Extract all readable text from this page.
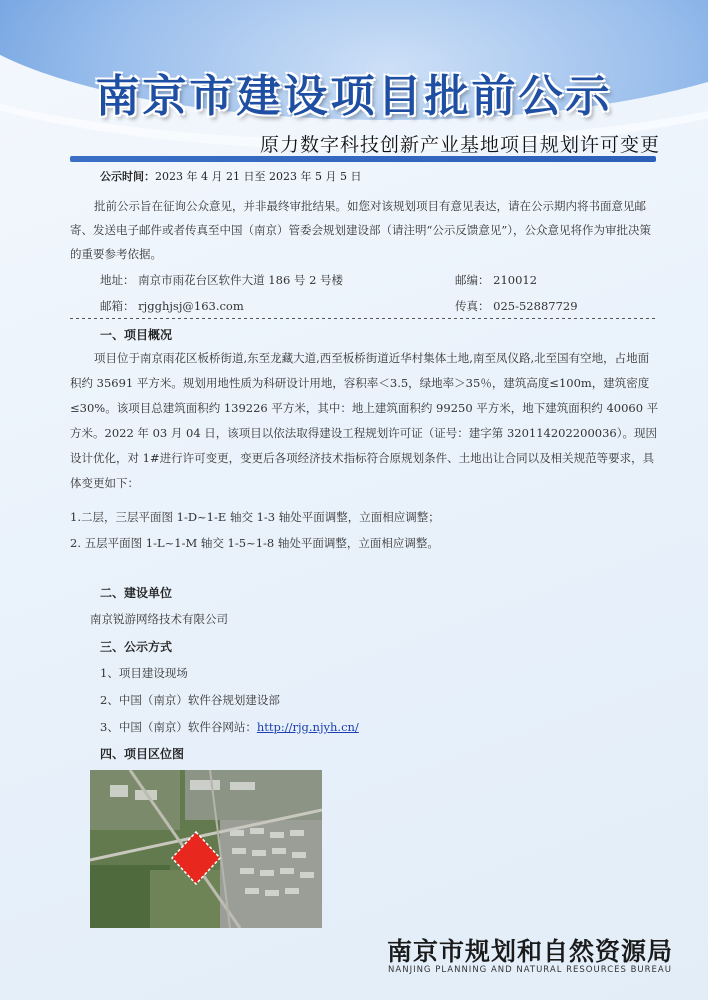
南京市建设项目批前公示
原力数字科技创新产业基地项目规划许可变更
公示时间：2023 年 4 月 21 日至 2023 年 5 月 5 日
批前公示旨在征询公众意见，并非最终审批结果。如您对该规划项目有意见表达，请在公示期内将书面意见邮寄、发送电子邮件或者传真至中国（南京）管委会规划建设部（请注明“公示反馈意见”），公众意见将作为审批决策的重要参考依据。
地址： 南京市雨花台区软件大道 186 号 2 号楼	邮编： 210012
邮箱： rjgghjsj@163.com	传真： 025-52887729
一、项目概况
项目位于南京雨花区板桥街道,东至龙藏大道,西至板桥街道近华村集体土地,南至凤仪路,北至国有空地，占地面积约 35691 平方米。规划用地性质为科研设计用地，容积率＜3.5，绿地率＞35％，建筑高度≤100m，建筑密度≤30%。该项目总建筑面积约 139226 平方米，其中：地上建筑面积约 99250 平方米，地下建筑面积约 40060 平方米。2022 年 03 月 04 日，该项目以依法取得建设工程规划许可证（证号：建字第 320114202200036）。现因设计优化，对 1#进行许可变更，变更后各项经济技术指标符合原规划条件、土地出让合同以及相关规范等要求，具体变更如下：
1.二层，三层平面图 1-D~1-E 轴交 1-3 轴处平面调整，立面相应调整；
2. 五层平面图 1-L~1-M 轴交 1-5~1-8 轴处平面调整，立面相应调整。
二、建设单位
南京锐游网络技术有限公司
三、公示方式
1、项目建设现场
2、中国（南京）软件谷规划建设部
3、中国（南京）软件谷网站：http://rjg.njyh.cn/
四、项目区位图
南京市规划和自然资源局
NANJING PLANNING AND NATURAL RESOURCES BUREAU
